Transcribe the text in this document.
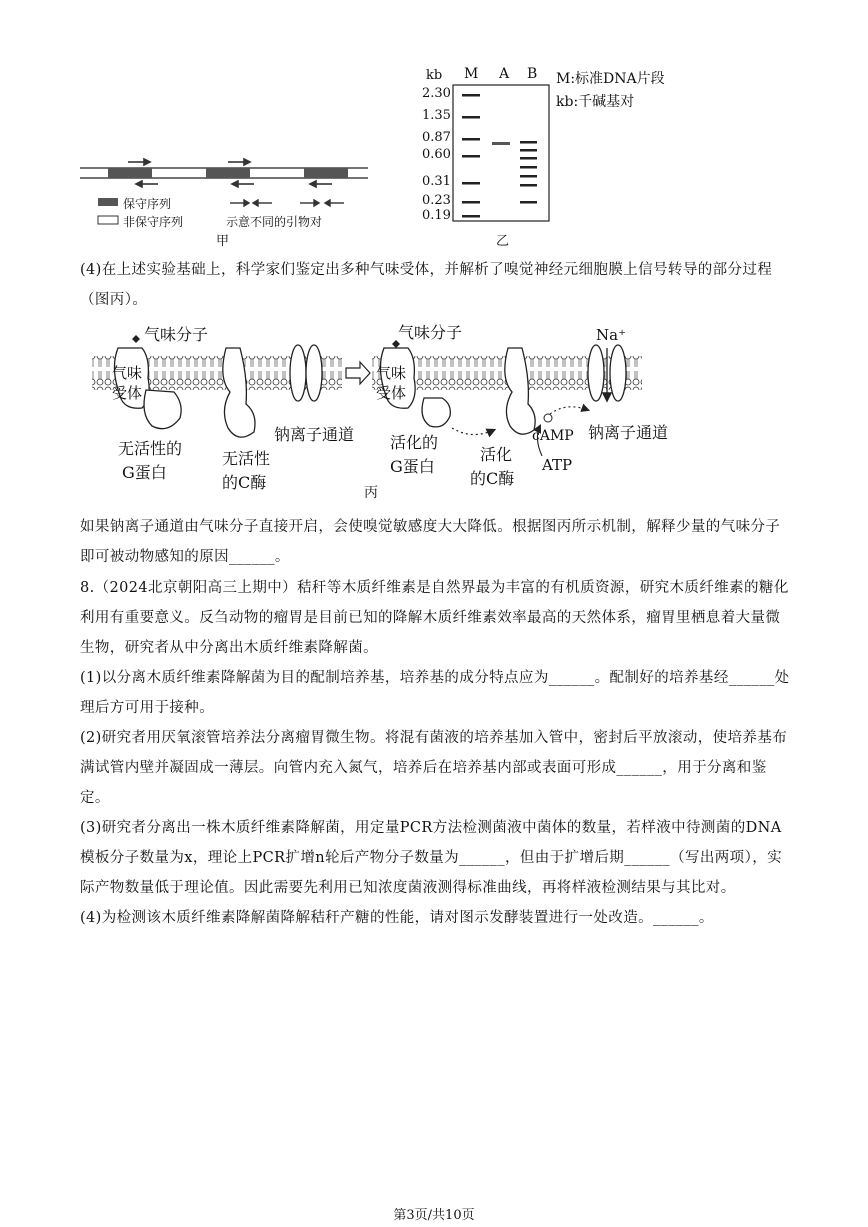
保守序列
非保守序列	示意不同的引物对
甲
kb M A B M:标准DNA片段
kb:千碱基对
2.30
1.35
0.87
0.60
0.31
0.23
0.19
乙
(4)在上述实验基础上，科学家们鉴定出多种气味受体，并解析了嗅觉神经元细胞膜上信号转导的部分过程（图丙）。
气味分子
气味
受体
无活性的
G蛋白
无活性
的C酶
钠离子通道
气味分子
气味
受体
活化的
G蛋白
活化
的C酶
cAMP
ATP
Na⁺
钠离子通道
丙
如果钠离子通道由气味分子直接开启，会使嗅觉敏感度大大降低。根据图丙所示机制，解释少量的气味分子即可被动物感知的原因______。
8.（2024北京朝阳高三上期中）秸秆等木质纤维素是自然界最为丰富的有机质资源，研究木质纤维素的糖化利用有重要意义。反刍动物的瘤胃是目前已知的降解木质纤维素效率最高的天然体系，瘤胃里栖息着大量微生物，研究者从中分离出木质纤维素降解菌。
(1)以分离木质纤维素降解菌为目的配制培养基，培养基的成分特点应为______。配制好的培养基经______处理后方可用于接种。
(2)研究者用厌氧滚管培养法分离瘤胃微生物。将混有菌液的培养基加入管中，密封后平放滚动，使培养基布满试管内壁并凝固成一薄层。向管内充入氮气，培养后在培养基内部或表面可形成______，用于分离和鉴定。
(3)研究者分离出一株木质纤维素降解菌，用定量PCR方法检测菌液中菌体的数量，若样液中待测菌的DNA模板分子数量为x，理论上PCR扩增n轮后产物分子数量为______，但由于扩增后期______（写出两项），实际产物数量低于理论值。因此需要先利用已知浓度菌液测得标准曲线，再将样液检测结果与其比对。
(4)为检测该木质纤维素降解菌降解秸秆产糖的性能，请对图示发酵装置进行一处改造。______。
第3页/共10页
